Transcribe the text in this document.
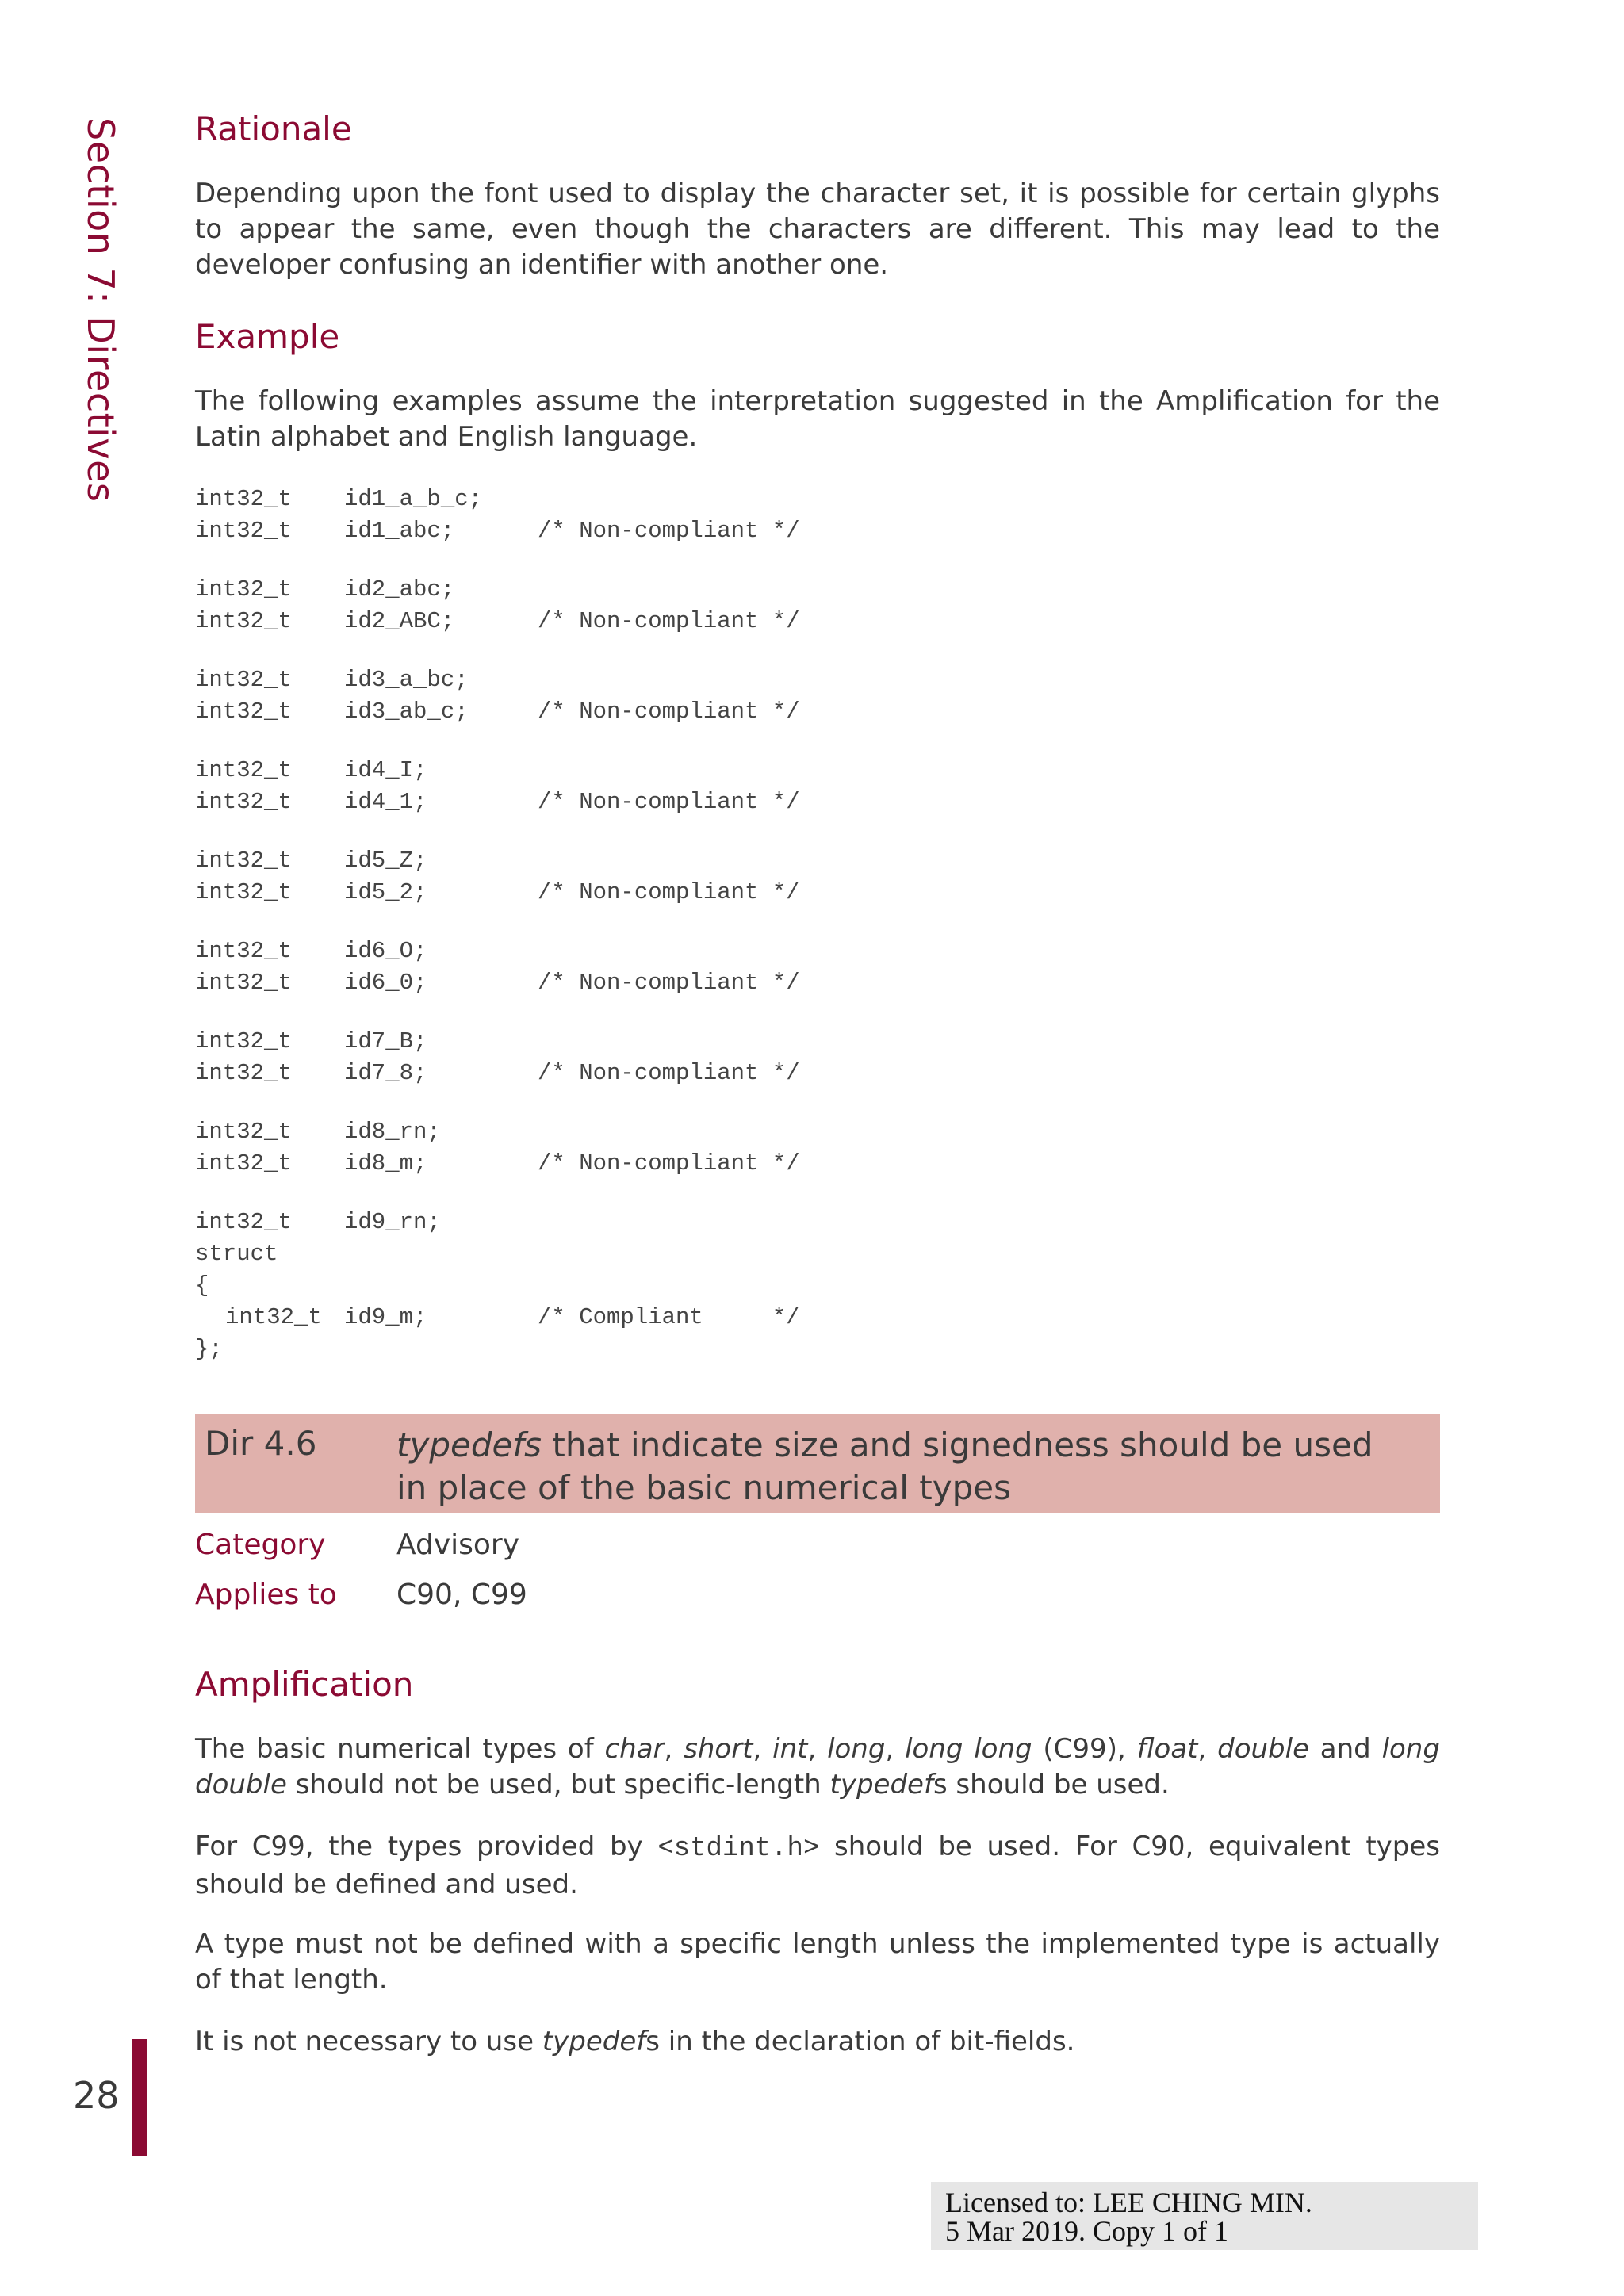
Section 7: Directives Rationale

Depending upon the font used to display the character set, it is possible for certain glyphs to appear the same, even though the characters are different. This may lead to the developer confusing an identifier with another one.

Example

The following examples assume the interpretation suggested in the Amplification for the Latin alphabet and English language.

int32_t id1_a_b_c;
int32_t id1_abc;	/* Non-compliant */
int32_t id2_abc;
int32_t id2_ABC;	/* Non-compliant */
int32_t id3_a_bc;
int32_t id3_ab_c;	/* Non-compliant */
int32_t id4_I;
int32_t id4_1;	/* Non-compliant */
int32_t id5_Z;
int32_t id5_2;	/* Non-compliant */
int32_t id6_O;
int32_t id6_0;	/* Non-compliant */
int32_t id7_B;
int32_t id7_8;	/* Non-compliant */
int32_t id8_rn;
int32_t id8_m;	/* Non-compliant */
int32_t id9_rn;
struct
{
int32_t id9_m;	/* Compliant     */
};
Dir 4.6 typedefs that indicate size and signedness should be used in place of the basic numerical types
Category Advisory
Applies to C90, C99
Amplification

The basic numerical types of char, short, int, long, long long (C99), float, double and long double should not be used, but specific-length typedefs should be used.

For C99, the types provided by <stdint.h> should be used. For C90, equivalent types should be defined and used.

A type must not be defined with a specific length unless the implemented type is actually of that length.

It is not necessary to use typedefs in the declaration of bit-fields.

28
Licensed to: LEE CHING MIN.
5 Mar 2019. Copy 1 of 1
